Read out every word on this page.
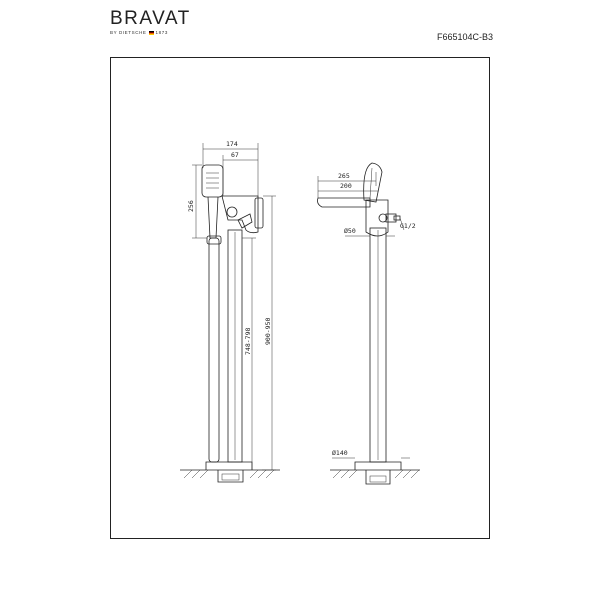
BRAVAT
BY DIETSCHE 1873	F665104C-B3
174
67
256
748-798 900-950
265
200
Ø50
G1/2
Ø140
